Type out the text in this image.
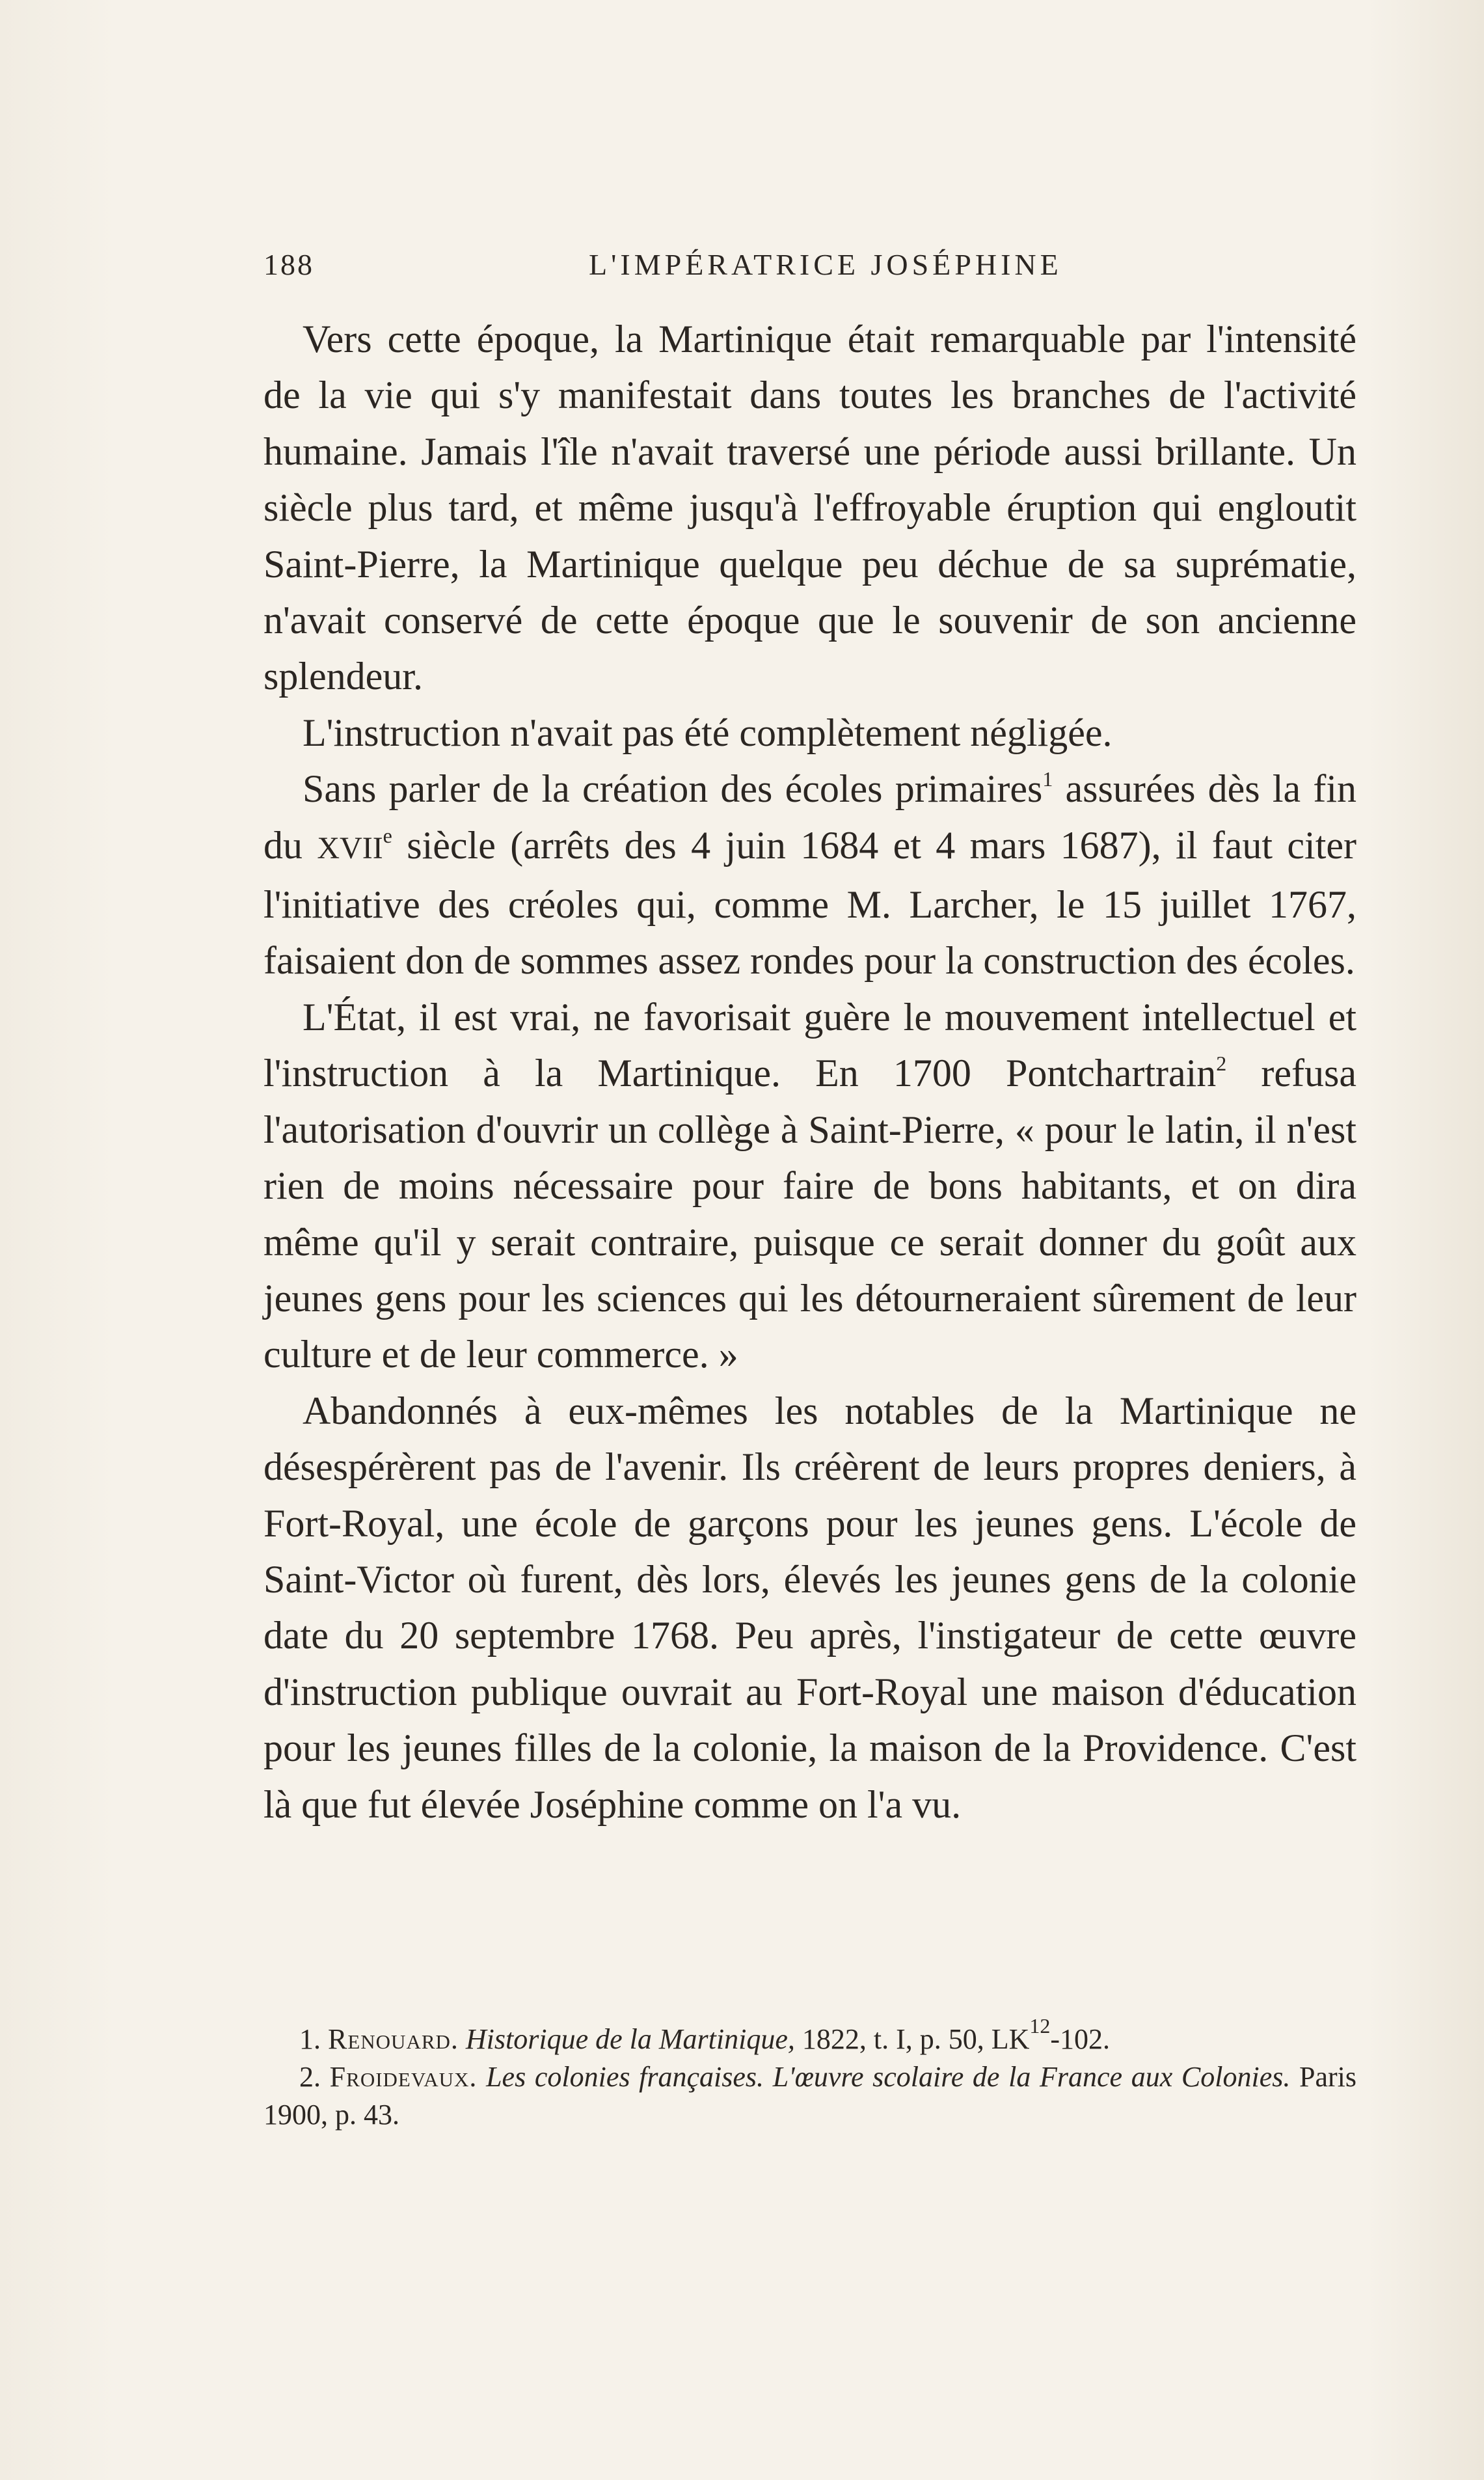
188	L'IMPÉRATRICE JOSÉPHINE

Vers cette époque, la Martinique était remarquable par l'intensité de la vie qui s'y manifestait dans toutes les branches de l'activité humaine. Jamais l'île n'avait traversé une période aussi brillante. Un siècle plus tard, et même jusqu'à l'effroyable éruption qui engloutit Saint-Pierre, la Martinique quelque peu déchue de sa suprématie, n'avait conservé de cette époque que le souvenir de son ancienne splendeur.

L'instruction n'avait pas été complètement négligée.

Sans parler de la création des écoles primaires$^1$ assurées dès la fin du XVIIe siècle (arrêts des 4 juin 1684 et 4 mars 1687), il faut citer l'initiative des créoles qui, comme M. Larcher, le 15 juillet 1767, faisaient don de sommes assez rondes pour la construction des écoles.

L'État, il est vrai, ne favorisait guère le mouvement intellectuel et l'instruction à la Martinique. En 1700 Pontchartrain$^2$ refusa l'autorisation d'ouvrir un collège à Saint-Pierre, « pour le latin, il n'est rien de moins nécessaire pour faire de bons habitants, et on dira même qu'il y serait contraire, puisque ce serait donner du goût aux jeunes gens pour les sciences qui les détourneraient sûrement de leur culture et de leur commerce. »

Abandonnés à eux-mêmes les notables de la Martinique ne désespérèrent pas de l'avenir. Ils créèrent de leurs propres deniers, à Fort-Royal, une école de garçons pour les jeunes gens. L'école de Saint-Victor où furent, dès lors, élevés les jeunes gens de la colonie date du 20 septembre 1768. Peu après, l'instigateur de cette œuvre d'instruction publique ouvrait au Fort-Royal une maison d'éducation pour les jeunes filles de la colonie, la maison de la Providence. C'est là que fut élevée Joséphine comme on l'a vu.

1. Renouard. Historique de la Martinique, 1822, t. I, p. 50, LK$^{12}$-102.

2. Froidevaux. Les colonies françaises. L'œuvre scolaire de la France aux Colonies. Paris 1900, p. 43.
